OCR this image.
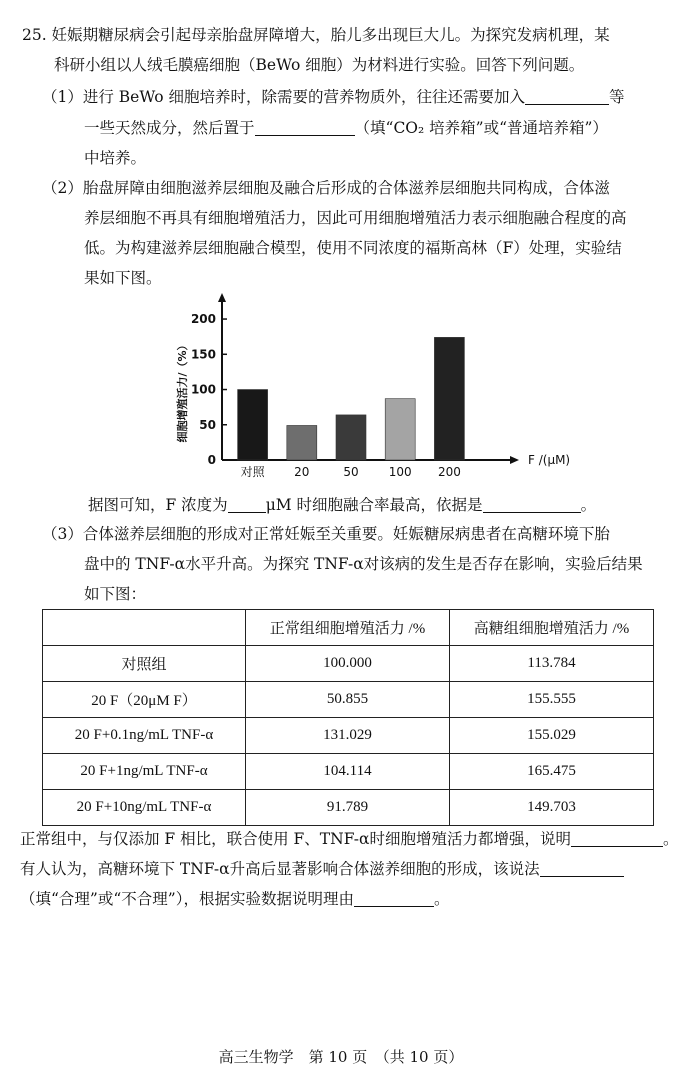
25. 妊娠期糖尿病会引起母亲胎盘屏障增大，胎儿多出现巨大儿。为探究发病机理，某
科研小组以人绒毛膜癌细胞（BeWo 细胞）为材料进行实验。回答下列问题。
（1）进行 BeWo 细胞培养时，除需要的营养物质外，往往还需要加入	等
一些天然成分，然后置于	（填“CO₂ 培养箱”或“普通培养箱”）
中培养。
（2）胎盘屏障由细胞滋养层细胞及融合后形成的合体滋养层细胞共同构成，合体滋
养层细胞不再具有细胞增殖活力，因此可用细胞增殖活力表示细胞融合程度的高
低。为构建滋养层细胞融合模型，使用不同浓度的福斯高林（F）处理，实验结
果如下图。
0
50
100
150
200
对照 20	50	100 200
F /(μM)
细胞增殖活力/（%）
据图可知，F 浓度为 μM 时细胞融合率最高，依据是	。
（3）合体滋养层细胞的形成对正常妊娠至关重要。妊娠糖尿病患者在高糖环境下胎
盘中的 TNF-α水平升高。为探究 TNF-α对该病的发生是否存在影响，实验后结果
如下图：
	正常组细胞增殖活力 /%	高糖组细胞增殖活力 /%
对照组	100.000	113.784
20 F（20μM F）	50.855	155.555
20 F+0.1ng/mL TNF-α	131.029	155.029
20 F+1ng/mL TNF-α	104.114	165.475
20 F+10ng/mL TNF-α	91.789	149.703
正常组中，与仅添加 F 相比，联合使用 F、TNF-α时细胞增殖活力都增强，说明	。
有人认为，高糖环境下 TNF-α升高后显著影响合体滋养细胞的形成，该说法
（填“合理”或“不合理”），根据实验数据说明理由	。
高三生物学　第 10 页　（共 10 页）
